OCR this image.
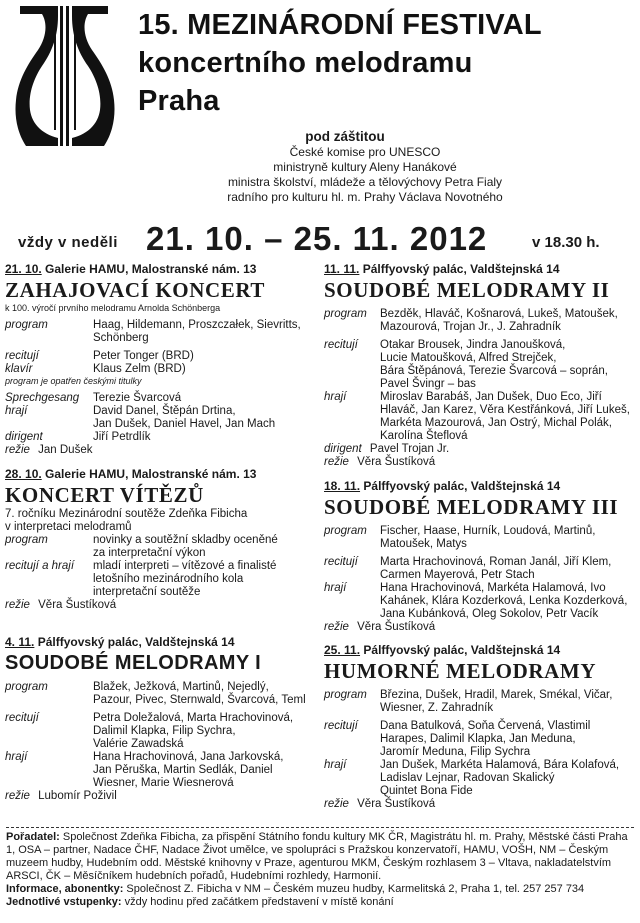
15. MEZINÁRODNÍ FESTIVAL
koncertního melodramu
Praha
pod záštitou
České komise pro UNESCO
ministryně kultury Aleny Hanákové
ministra školství, mládeže a tělovýchovy Petra Fialy
radního pro kulturu hl. m. Prahy Václava Novotného
vždy v neděli 21. 10. – 25. 11. 2012	v 18.30 h.
21. 10. Galerie HAMU, Malostranské nám. 13
ZAHAJOVACÍ KONCERT
k 100. výročí prvního melodramu Arnolda Schönberga
program	Haag, Hildemann, Proszczałek, Sievritts, Schönberg
recitují	Peter Tonger (BRD)
klavír	Klaus Zelm (BRD)
program je opatřen českými titulky
Sprechgesang	Terezie Švarcová
hrají	David Danel, Štěpán Drtina,
Jan Dušek, Daniel Havel, Jan Mach
dirigent	Jiří Petrdlík
režie Jan Dušek
28. 10. Galerie HAMU, Malostranské nám. 13
KONCERT VÍTĚZŮ
7. ročníku Mezinárodní soutěže Zdeňka Fibicha
v interpretaci melodramů
program	novinky a soutěžní skladby oceněné
za interpretační výkon
recitují a hrají	mladí interpreti – vítězové a finalisté
letošního mezinárodního kola
interpretační soutěže
režie Věra Šustíková
4. 11. Pálffyovský palác, Valdštejnská 14
SOUDOBÉ MELODRAMY I
program	Blažek, Ježková, Martinů, Nejedlý,
Pazour, Pivec, Sternwald, Švarcová, Teml
recitují	Petra Doležalová, Marta Hrachovinová,
Dalimil Klapka, Filip Sychra,
Valérie Zawadská
hrají	Hana Hrachovinová, Jana Jarkovská,
Jan Pěruška, Martin Sedlák, Daniel
Wiesner, Marie Wiesnerová
režie Lubomír Poživil
11. 11. Pálffyovský palác, Valdštejnská 14
SOUDOBÉ MELODRAMY II
program	Bezděk, Hlaváč, Košnarová, Lukeš, Matoušek,
Mazourová, Trojan Jr., J. Zahradník
recitují	Otakar Brousek, Jindra Janoušková,
Lucie Matoušková, Alfred Strejček,
Bára Štěpánová, Terezie Švarcová – soprán,
Pavel Švingr – bas
hrají	Miroslav Barabáš, Jan Dušek, Duo Eco, Jiří
Hlaváč, Jan Karez, Věra Kestřánková, Jiří Lukeš,
Markéta Mazourová, Jan Ostrý, Michal Polák,
Karolína Šteflová
dirigent Pavel Trojan Jr.
režie Věra Šustíková
18. 11. Pálffyovský palác, Valdštejnská 14
SOUDOBÉ MELODRAMY III
program	Fischer, Haase, Hurník, Loudová, Martinů,
Matoušek, Matys
recitují	Marta Hrachovinová, Roman Janál, Jiří Klem,
Carmen Mayerová, Petr Stach
hrají	Hana Hrachovinová, Markéta Halamová, Ivo
Kahánek, Klára Kozderková, Lenka Kozderková,
Jana Kubánková, Oleg Sokolov, Petr Vacík
režie Věra Šustíková
25. 11. Pálffyovský palác, Valdštejnská 14
HUMORNÉ MELODRAMY
program	Březina, Dušek, Hradil, Marek, Smékal, Vičar,
Wiesner, Z. Zahradník
recitují	Dana Batulková, Soňa Červená, Vlastimil
Harapes, Dalimil Klapka, Jan Meduna,
Jaromír Meduna, Filip Sychra
hrají	Jan Dušek, Markéta Halamová, Bára Kolafová,
Ladislav Lejnar, Radovan Skalický
Quintet Bona Fide
režie Věra Šustíková

Pořadatel: Společnost Zdeňka Fibicha, za přispění Státního fondu kultury MK ČR, Magistrátu hl. m. Prahy, Městské části Praha 1, OSA – partner, Nadace ČHF, Nadace Život umělce, ve spolupráci s Pražskou konzervatoří, HAMU, VOŠH, NM – Českým muzeem hudby, Hudebním odd. Městské knihovny v Praze, agenturou MKM, Českým rozhlasem 3 – Vltava, nakladatelstvím ARSCI, ČK – Měsíčníkem hudebních pořadů, Hudebními rozhledy, Harmonií.

Informace, abonentky: Společnost Z. Fibicha v NM – Českém muzeu hudby, Karmelitská 2, Praha 1, tel. 257 257 734

Jednotlivé vstupenky: vždy hodinu před začátkem představení v místě konání
